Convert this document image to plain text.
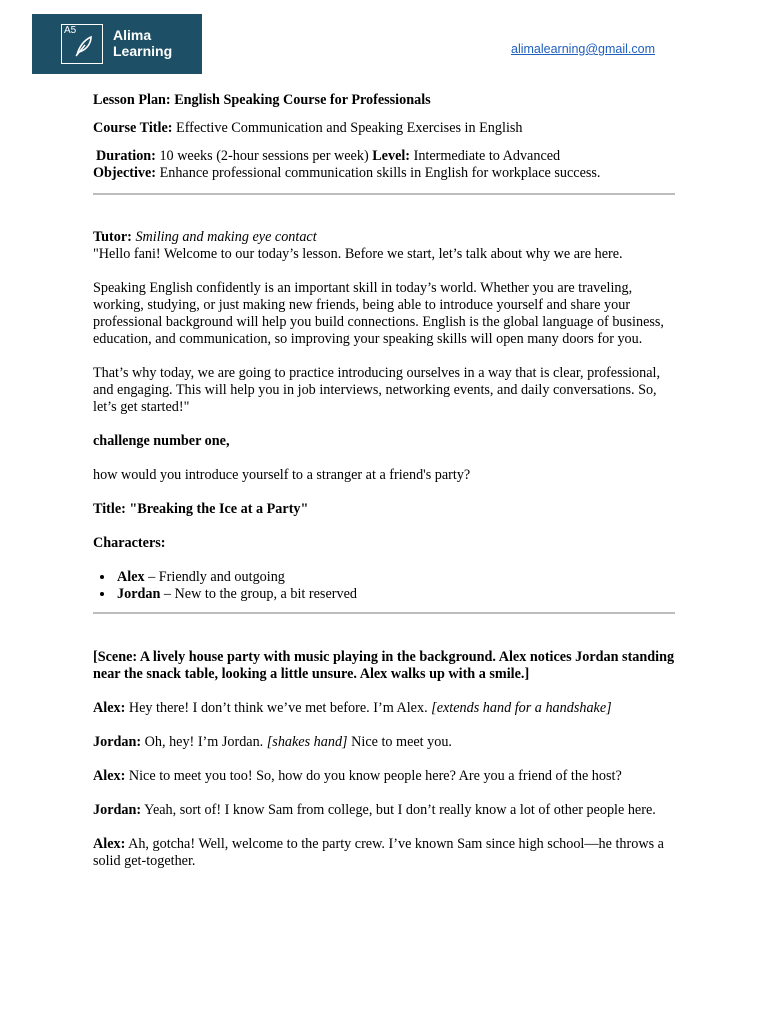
A5	Alima
Learning	alimalearning@gmail.com

Lesson Plan: English Speaking Course for Professionals

Course Title: Effective Communication and Speaking Exercises in English

Duration: 10 weeks (2-hour sessions per week) Level: Intermediate to Advanced

Objective: Enhance professional communication skills in English for workplace success.

Tutor: Smiling and making eye contact

"Hello fani! Welcome to our today’s lesson. Before we start, let’s talk about why we are here.

Speaking English confidently is an important skill in today’s world. Whether you are traveling, working, studying, or just making new friends, being able to introduce yourself and share your professional background will help you build connections. English is the global language of business, education, and communication, so improving your speaking skills will open many doors for you.

That’s why today, we are going to practice introducing ourselves in a way that is clear, professional, and engaging. This will help you in job interviews, networking events, and daily conversations. So, let’s get started!"

challenge number one,

how would you introduce yourself to a stranger at a friend's party?

Title: "Breaking the Ice at a Party"

Characters:

• Alex – Friendly and outgoing
• Jordan – New to the group, a bit reserved

[Scene: A lively house party with music playing in the background. Alex notices Jordan standing near the snack table, looking a little unsure. Alex walks up with a smile.]

Alex: Hey there! I don’t think we’ve met before. I’m Alex. [extends hand for a handshake]

Jordan: Oh, hey! I’m Jordan. [shakes hand] Nice to meet you.

Alex: Nice to meet you too! So, how do you know people here? Are you a friend of the host?

Jordan: Yeah, sort of! I know Sam from college, but I don’t really know a lot of other people here.

Alex: Ah, gotcha! Well, welcome to the party crew. I’ve known Sam since high school—he throws a solid get-together.
